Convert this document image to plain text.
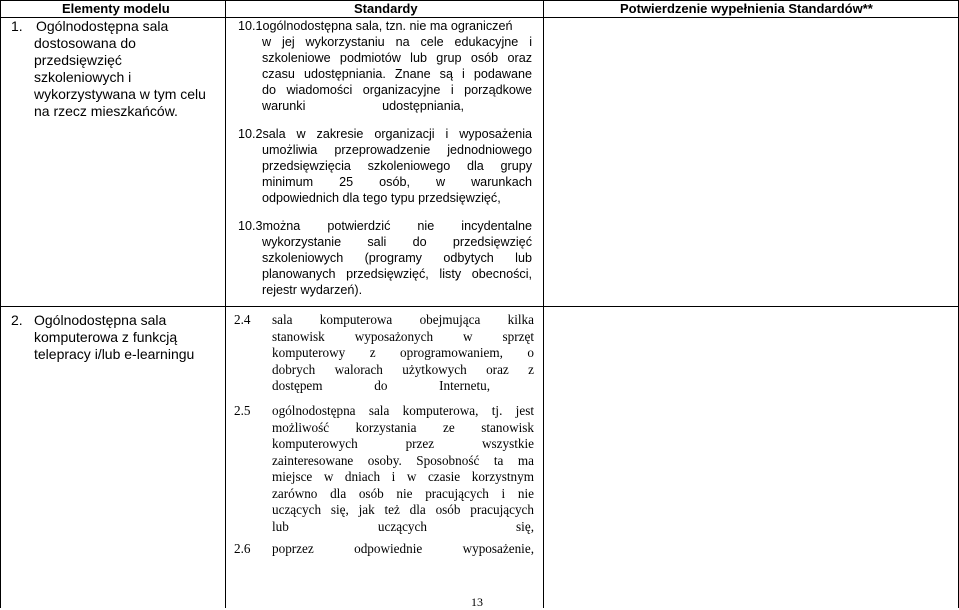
Elementy modelu	Standardy	Potwierdzenie wypełnienia Standardów**
1. Ogólnodostępna sala
dostosowana do
przedsięwzięć
szkoleniowych i
wykorzystywana w tym celu
na rzecz mieszkańców.
10.1ogólnodostępna sala, tzn. nie ma ograniczeń
w jej wykorzystaniu na cele edukacyjne i
szkoleniowe podmiotów lub grup osób oraz
czasu udostępniania. Znane są i podawane
do wiadomości organizacyjne i porządkowe
warunki udostępniania,
10.2sala w zakresie organizacji i wyposażenia
umożliwia przeprowadzenie jednodniowego
przedsięwzięcia szkoleniowego dla grupy
minimum 25 osób, w warunkach
odpowiednich dla tego typu przedsięwzięć,
10.3można potwierdzić nie incydentalne
wykorzystanie sali do przedsięwzięć
szkoleniowych (programy odbytych lub
planowanych przedsięwzięć, listy obecności,
rejestr wydarzeń).
2. Ogólnodostępna sala
komputerowa z funkcją
telepracy i/lub e-learningu
2.4 sala komputerowa obejmująca kilka
stanowisk wyposażonych w sprzęt
komputerowy z oprogramowaniem, o
dobrych walorach użytkowych oraz z
dostępem do Internetu,
2.5 ogólnodostępna sala komputerowa, tj. jest
możliwość korzystania ze stanowisk
komputerowych przez wszystkie
zainteresowane osoby. Sposobność ta ma
miejsce w dniach i w czasie korzystnym
zarówno dla osób nie pracujących i nie
uczących się, jak też dla osób pracujących
lub uczących się,
2.6 poprzez odpowiednie wyposażenie,
13
